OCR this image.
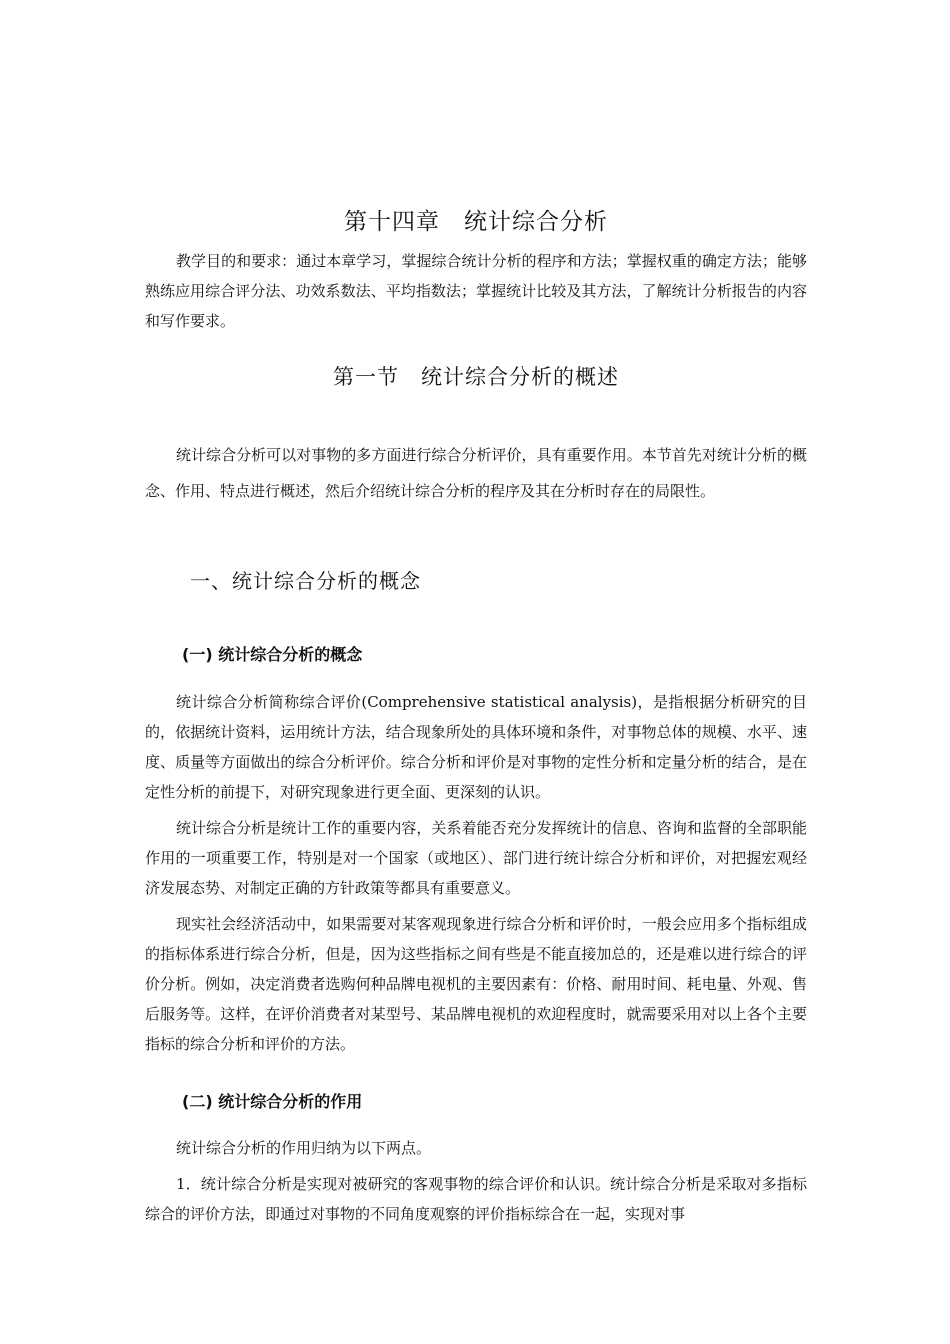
第十四章　统计综合分析
教学目的和要求：通过本章学习，掌握综合统计分析的程序和方法；掌握权重的确定方法；能够熟练应用综合评分法、功效系数法、平均指数法；掌握统计比较及其方法，了解统计分析报告的内容和写作要求。
第一节　统计综合分析的概述
统计综合分析可以对事物的多方面进行综合分析评价，具有重要作用。本节首先对统计分析的概念、作用、特点进行概述，然后介绍统计综合分析的程序及其在分析时存在的局限性。
一、统计综合分析的概念
(一) 统计综合分析的概念

统计综合分析简称综合评价(Comprehensive statistical analysis)，是指根据分析研究的目的，依据统计资料，运用统计方法，结合现象所处的具体环境和条件，对事物总体的规模、水平、速度、质量等方面做出的综合分析评价。综合分析和评价是对事物的定性分析和定量分析的结合，是在定性分析的前提下，对研究现象进行更全面、更深刻的认识。

统计综合分析是统计工作的重要内容，关系着能否充分发挥统计的信息、咨询和监督的全部职能作用的一项重要工作，特别是对一个国家（或地区）、部门进行统计综合分析和评价，对把握宏观经济发展态势、对制定正确的方针政策等都具有重要意义。

现实社会经济活动中，如果需要对某客观现象进行综合分析和评价时，一般会应用多个指标组成的指标体系进行综合分析，但是，因为这些指标之间有些是不能直接加总的，还是难以进行综合的评价分析。例如，决定消费者选购何种品牌电视机的主要因素有：价格、耐用时间、耗电量、外观、售后服务等。这样，在评价消费者对某型号、某品牌电视机的欢迎程度时，就需要采用对以上各个主要指标的综合分析和评价的方法。

(二) 统计综合分析的作用

统计综合分析的作用归纳为以下两点。

1．统计综合分析是实现对被研究的客观事物的综合评价和认识。统计综合分析是采取对多指标综合的评价方法，即通过对事物的不同角度观察的评价指标综合在一起，实现对事
